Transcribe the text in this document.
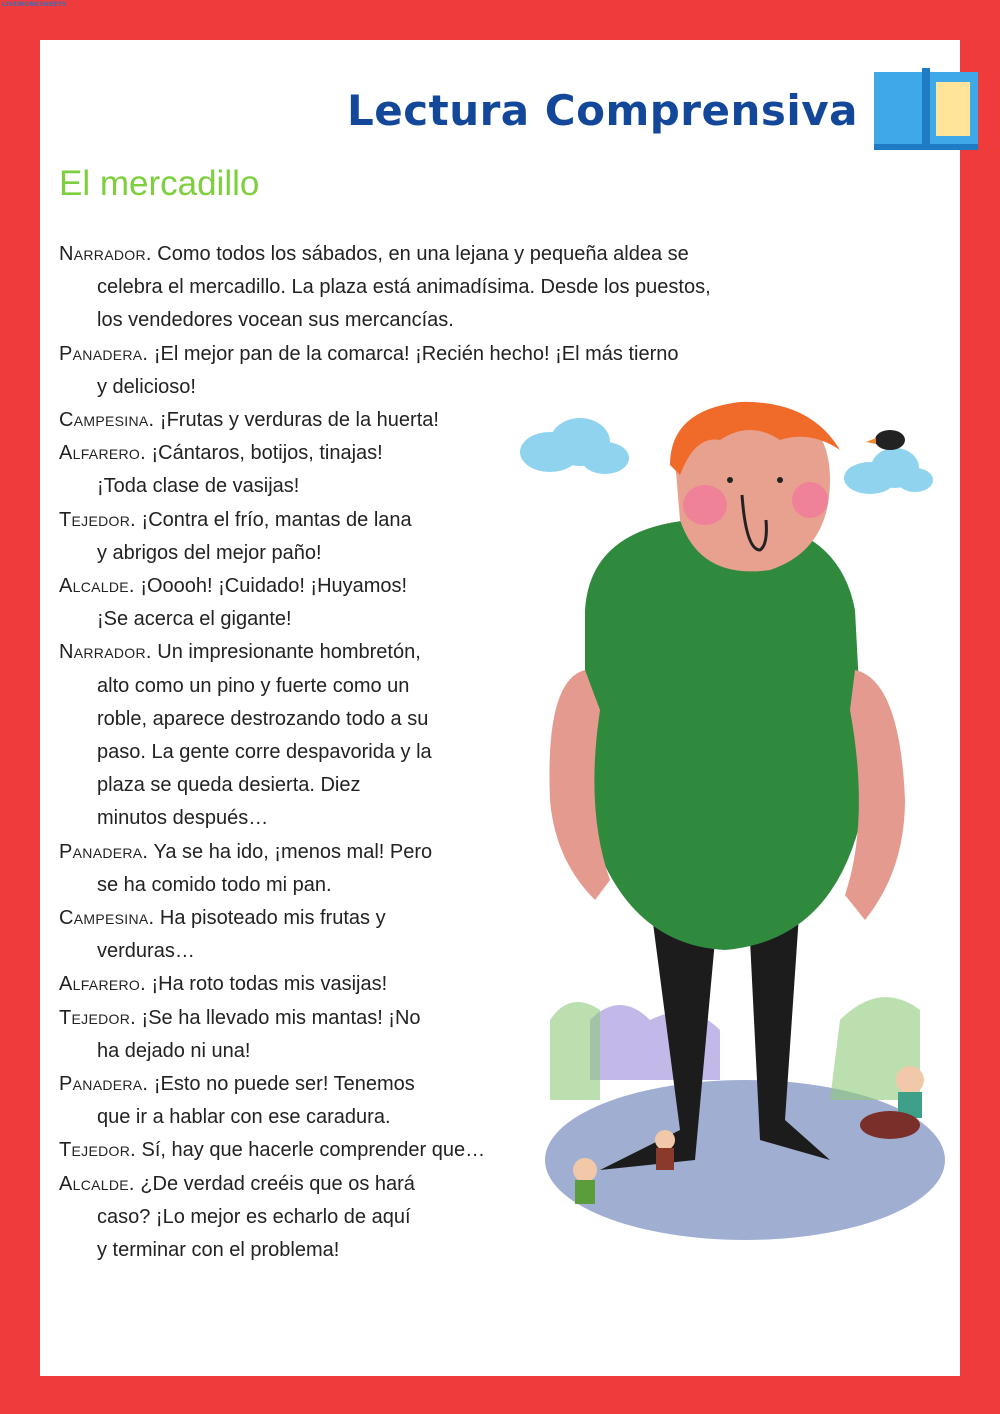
LIVEWORKSHEETS
Lectura Comprensiva
El mercadillo

Narrador. Como todos los sábados, en una lejana y pequeña aldea se
celebra el mercadillo. La plaza está animadísima. Desde los puestos,
los vendedores vocean sus mercancías.

Panadera. ¡El mejor pan de la comarca! ¡Recién hecho! ¡El más tierno
y delicioso!

Campesina. ¡Frutas y verduras de la huerta!

Alfarero. ¡Cántaros, botijos, tinajas!
¡Toda clase de vasijas!

Tejedor. ¡Contra el frío, mantas de lana
y abrigos del mejor paño!

Alcalde. ¡Ooooh! ¡Cuidado! ¡Huyamos!
¡Se acerca el gigante!

Narrador. Un impresionante hombretón,
alto como un pino y fuerte como un
roble, aparece destrozando todo a su
paso. La gente corre despavorida y la
plaza se queda desierta. Diez
minutos después…

Panadera. Ya se ha ido, ¡menos mal! Pero
se ha comido todo mi pan.

Campesina. Ha pisoteado mis frutas y
verduras…

Alfarero. ¡Ha roto todas mis vasijas!

Tejedor. ¡Se ha llevado mis mantas! ¡No
ha dejado ni una!

Panadera. ¡Esto no puede ser! Tenemos
que ir a hablar con ese caradura.

Tejedor. Sí, hay que hacerle comprender que…

Alcalde. ¿De verdad creéis que os hará
caso? ¡Lo mejor es echarlo de aquí
y terminar con el problema!
